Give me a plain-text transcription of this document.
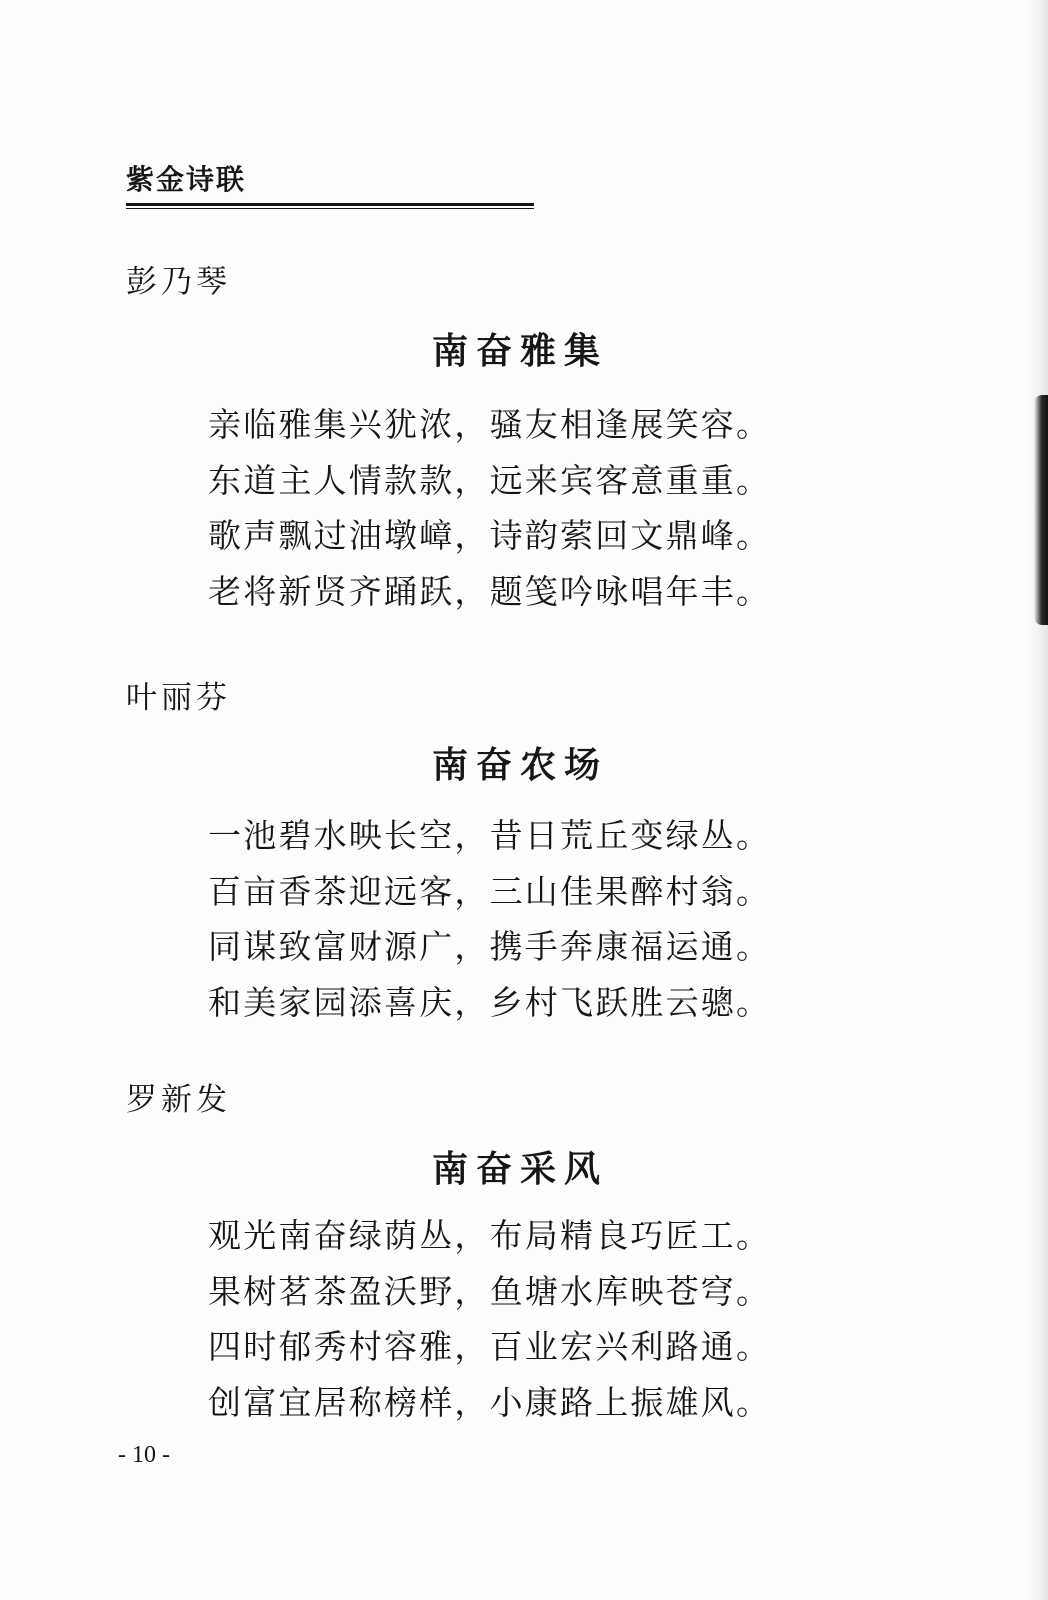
紫金诗联
彭乃琴
南奋雅集
亲临雅集兴犹浓，骚友相逢展笑容。
东道主人情款款，远来宾客意重重。
歌声飘过油墩嶂，诗韵萦回文鼎峰。
老将新贤齐踊跃，题笺吟咏唱年丰。
叶丽芬
南奋农场
一池碧水映长空，昔日荒丘变绿丛。
百亩香茶迎远客，三山佳果醉村翁。
同谋致富财源广，携手奔康福运通。
和美家园添喜庆，乡村飞跃胜云骢。
罗新发
南奋采风
观光南奋绿荫丛，布局精良巧匠工。
果树茗茶盈沃野，鱼塘水库映苍穹。
四时郁秀村容雅，百业宏兴利路通。
创富宜居称榜样，小康路上振雄风。
- 10 -
